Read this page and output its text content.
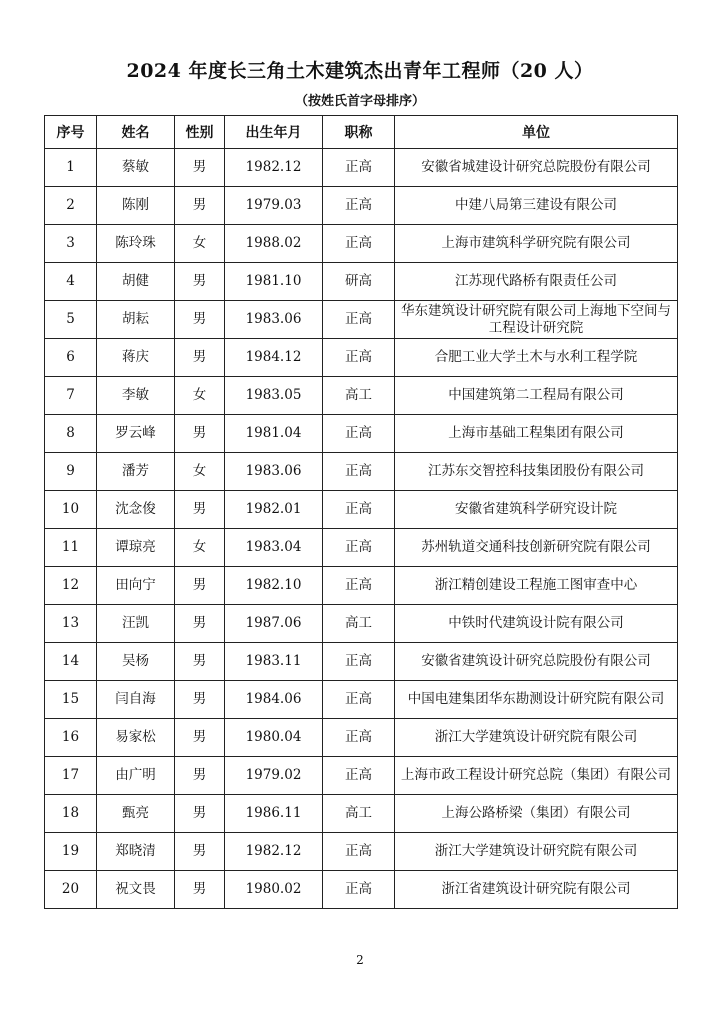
2024 年度长三角土木建筑杰出青年工程师（20 人）
（按姓氏首字母排序）
序号	姓名	性别	出生年月	职称	单位
1	蔡敏	男	1982.12	正高	安徽省城建设计研究总院股份有限公司
2	陈刚	男	1979.03	正高	中建八局第三建设有限公司
3	陈玲珠	女	1988.02	正高	上海市建筑科学研究院有限公司
4	胡健	男	1981.10	研高	江苏现代路桥有限责任公司
5	胡耘	男	1983.06	正高	华东建筑设计研究院有限公司上海地下空间与工程设计研究院
6	蒋庆	男	1984.12	正高	合肥工业大学土木与水利工程学院
7	李敏	女	1983.05	高工	中国建筑第二工程局有限公司
8	罗云峰	男	1981.04	正高	上海市基础工程集团有限公司
9	潘芳	女	1983.06	正高	江苏东交智控科技集团股份有限公司
10	沈念俊	男	1982.01	正高	安徽省建筑科学研究设计院
11	谭琼亮	女	1983.04	正高	苏州轨道交通科技创新研究院有限公司
12	田向宁	男	1982.10	正高	浙江精创建设工程施工图审查中心
13	汪凯	男	1987.06	高工	中铁时代建筑设计院有限公司
14	吴杨	男	1983.11	正高	安徽省建筑设计研究总院股份有限公司
15	闫自海	男	1984.06	正高	中国电建集团华东勘测设计研究院有限公司
16	易家松	男	1980.04	正高	浙江大学建筑设计研究院有限公司
17	由广明	男	1979.02	正高	上海市政工程设计研究总院（集团）有限公司
18	甄亮	男	1986.11	高工	上海公路桥梁（集团）有限公司
19	郑晓清	男	1982.12	正高	浙江大学建筑设计研究院有限公司
20	祝文畏	男	1980.02	正高	浙江省建筑设计研究院有限公司
2
